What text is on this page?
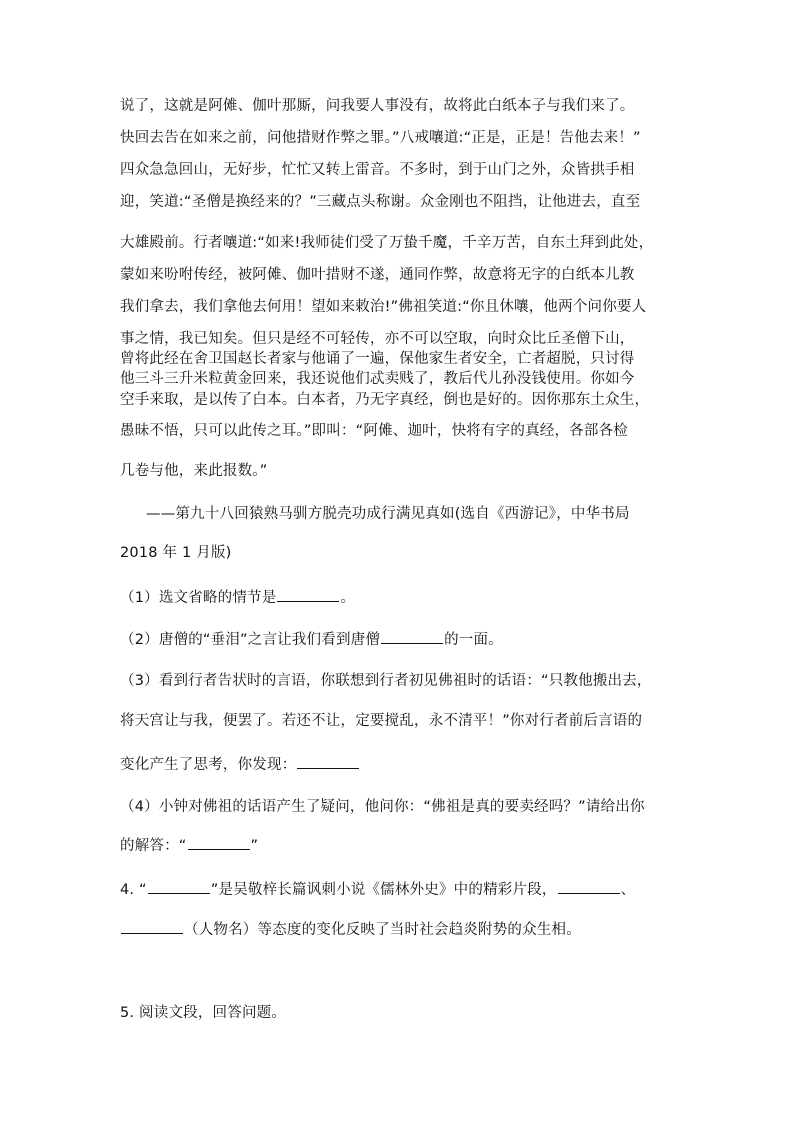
说了，这就是阿傩、伽叶那厮，问我要人事没有，故将此白纸本子与我们来了。
快回去告在如来之前，问他措财作弊之罪。”八戒嚷道:“正是，正是！告他去来！”
四众急急回山，无好步，忙忙又转上雷音。不多时，到于山门之外，众皆拱手相
迎，笑道:“圣僧是换经来的？”三藏点头称谢。众金刚也不阻挡，让他进去，直至
大雄殿前。行者嚷道:“如来!我师徒们受了万蛰千魔，千辛万苦，自东土拜到此处，
蒙如来吩咐传经，被阿傩、伽叶措财不遂，通同作弊，故意将无字的白纸本儿教
我们拿去，我们拿他去何用！望如来敕治!”佛祖笑道:“你且休嚷，他两个问你要人
事之情，我已知矣。但只是经不可轻传，亦不可以空取，向时众比丘圣僧下山，
曾将此经在舍卫国赵长者家与他诵了一遍，保他家生者安全，亡者超脱，只讨得
他三斗三升米粒黄金回来，我还说他们忒卖贱了，教后代儿孙没钱使用。你如今
空手来取，是以传了白本。白本者，乃无字真经，倒也是好的。因你那东土众生，
愚昧不悟，只可以此传之耳。”即叫：“阿傩、迦叶，快将有字的真经，各部各检
几卷与他，来此报数。”
——第九十八回猿熟马驯方脱壳功成行满见真如(选自《西游记》，中华书局
2018 年 1 月版)
（1）选文省略的情节是	。
（2）唐僧的“垂泪”之言让我们看到唐僧	的一面。
（3）看到行者告状时的言语，你联想到行者初见佛祖时的话语：“只教他搬出去，
将天宫让与我，便罢了。若还不让，定要搅乱，永不清平！”你对行者前后言语的
变化产生了思考，你发现：
（4）小钟对佛祖的话语产生了疑问，他问你：“佛祖是真的要卖经吗？”请给出你
的解答：“	”
4. “	”是吴敬梓长篇讽刺小说《儒林外史》中的精彩片段，	、
（人物名）等态度的变化反映了当时社会趋炎附势的众生相。
5. 阅读文段，回答问题。
